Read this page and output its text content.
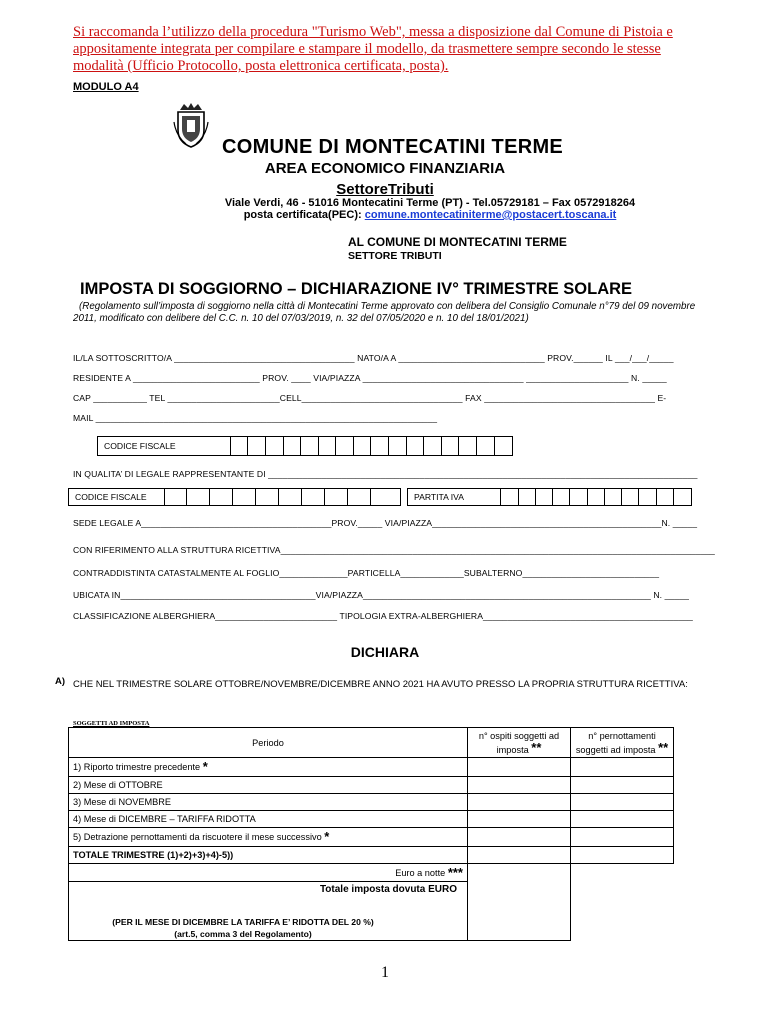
Si raccomanda l’utilizzo della procedura "Turismo Web", messa a disposizione dal Comune di Pistoia e appositamente integrata per compilare e stampare il modello, da trasmettere sempre secondo le stesse modalità (Ufficio Protocollo, posta elettronica certificata, posta).
MODULO A4
COMUNE DI MONTECATINI TERME
AREA ECONOMICO FINANZIARIA
SettoreTributi
Viale Verdi, 46 - 51016 Montecatini Terme (PT) - Tel.05729181 – Fax 0572918264
posta certificata(PEC): comune.montecatiniterme@postacert.toscana.it
AL COMUNE DI MONTECATINI TERME
SETTORE TRIBUTI
IMPOSTA DI SOGGIORNO – DICHIARAZIONE IV° TRIMESTRE SOLARE
(Regolamento sull’imposta di soggiorno nella città di Montecatini Terme approvato con delibera del Consiglio Comunale n°79 del 09 novembre 2011, modificato con delibere del C.C. n. 10 del 07/03/2019, n. 32 del 07/05/2020 e n. 10 del 18/01/2021)
IL/LA SOTTOSCRITTO/A _____________________________________ NATO/A A ______________________________ PROV.______ IL ___/___/_____
RESIDENTE A __________________________ PROV. ____ VIA/PIAZZA _________________________________ _____________________ N. _____
CAP ___________ TEL _______________________CELL_________________________________ FAX ___________________________________ E-
MAIL ______________________________________________________________________
CODICE FISCALE
IN QUALITA’ DI LEGALE RAPPRESENTANTE DI ________________________________________________________________________________________
CODICE FISCALE	PARTITA IVA
SEDE LEGALE A_______________________________________PROV._____ VIA/PIAZZA_______________________________________________N. _____
CON RIFERIMENTO ALLA STRUTTURA RICETTIVA_________________________________________________________________________________________
CONTRADDISTINTA CATASTALMENTE AL FOGLIO______________PARTICELLA_____________SUBALTERNO____________________________
UBICATA IN________________________________________VIA/PIAZZA___________________________________________________________ N. _____
CLASSIFICAZIONE ALBERGHIERA_________________________ TIPOLOGIA EXTRA-ALBERGHIERA___________________________________________
DICHIARA
A) CHE NEL TRIMESTRE SOLARE OTTOBRE/NOVEMBRE/DICEMBRE ANNO 2021 HA AVUTO PRESSO LA PROPRIA STRUTTURA RICETTIVA:
SOGGETTI AD IMPOSTA
Periodo	n° ospiti soggetti ad imposta **	n° pernottamenti soggetti ad imposta **
1) Riporto trimestre precedente *		
2) Mese di OTTOBRE		
3) Mese di NOVEMBRE		
4) Mese di DICEMBRE – TARIFFA RIDOTTA		
5) Detrazione pernottamenti da riscuotere il mese successivo *		
TOTALE TRIMESTRE (1)+2)+3)+4)-5))		
Euro a notte ***		

Totale imposta dovuta EURO
(PER IL MESE DI DICEMBRE LA TARIFFA E’ RIDOTTA DEL 20 %)
(art.5, comma 3 del Regolamento)		

1
